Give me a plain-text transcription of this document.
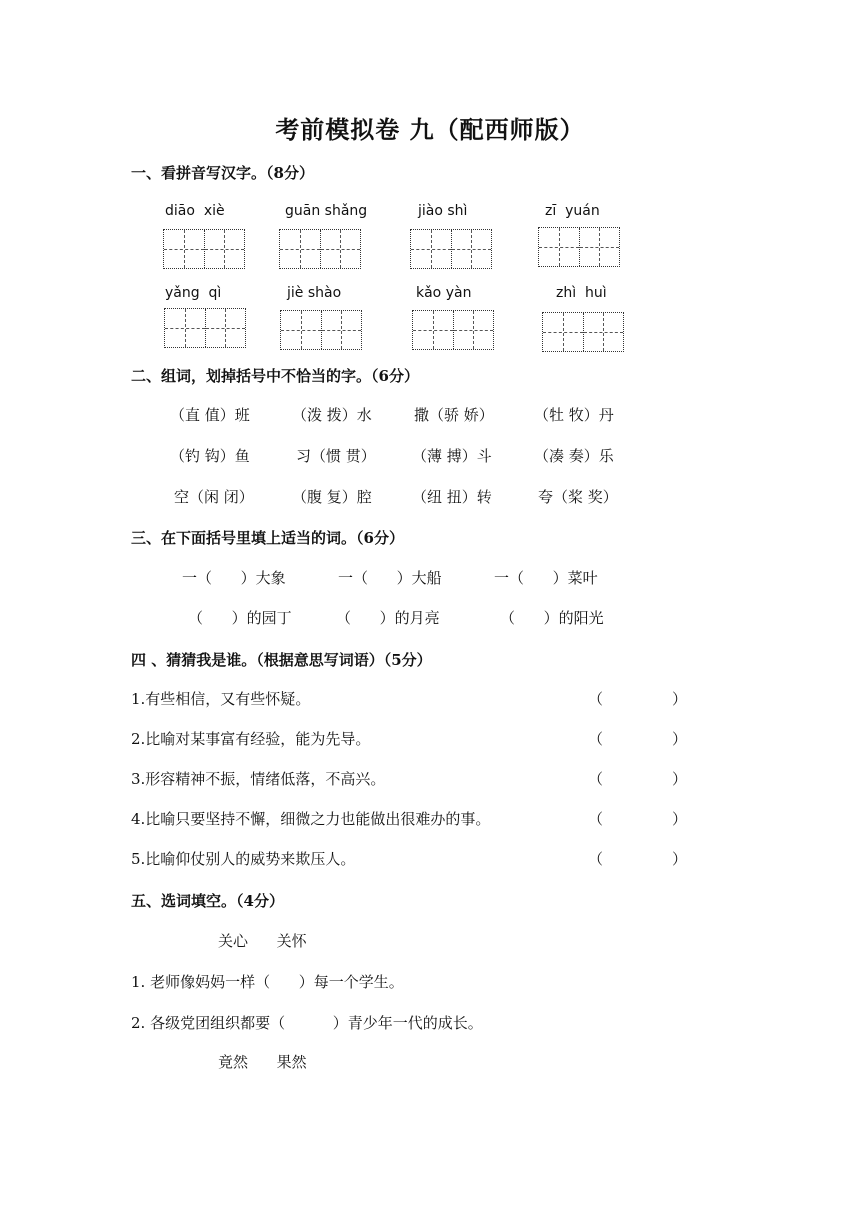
考前模拟卷 九（配西师版）
一、看拼音写汉字。（8分）
diāo  xiè	guān shǎng	jiào shì	zī  yuán
yǎng  qì	jiè shào	kǎo yàn	zhì  huì
二、组词，划掉括号中不恰当的字。（6分）
（直 值）班	（泼 拨）水	撒（骄 娇）	（牡 牧）丹
（钓 钩）鱼	习（惯 贯） （薄 搏）斗	（凑 奏）乐
空（闲 闭）	（腹 复）腔	（纽 扭）转	夸（桨 奖）
三、在下面括号里填上适当的词。（6分）
一（      ）大象	一（      ）大船	一（      ）菜叶
（      ）的园丁	（      ）的月亮	（      ）的阳光
四 、猜猜我是谁。（根据意思写词语）（5分）
1.有些相信，又有些怀疑。	（	）
2.比喻对某事富有经验，能为先导。	（	）
3.形容精神不振，情绪低落，不高兴。	（	）
4.比喻只要坚持不懈，细微之力也能做出很难办的事。	（	）
5.比喻仰仗别人的威势来欺压人。	（	）
五、选词填空。（4分）
关心      关怀
1. 老师像妈妈一样（      ）每一个学生。
2. 各级党团组织都要（          ）青少年一代的成长。
竟然      果然
